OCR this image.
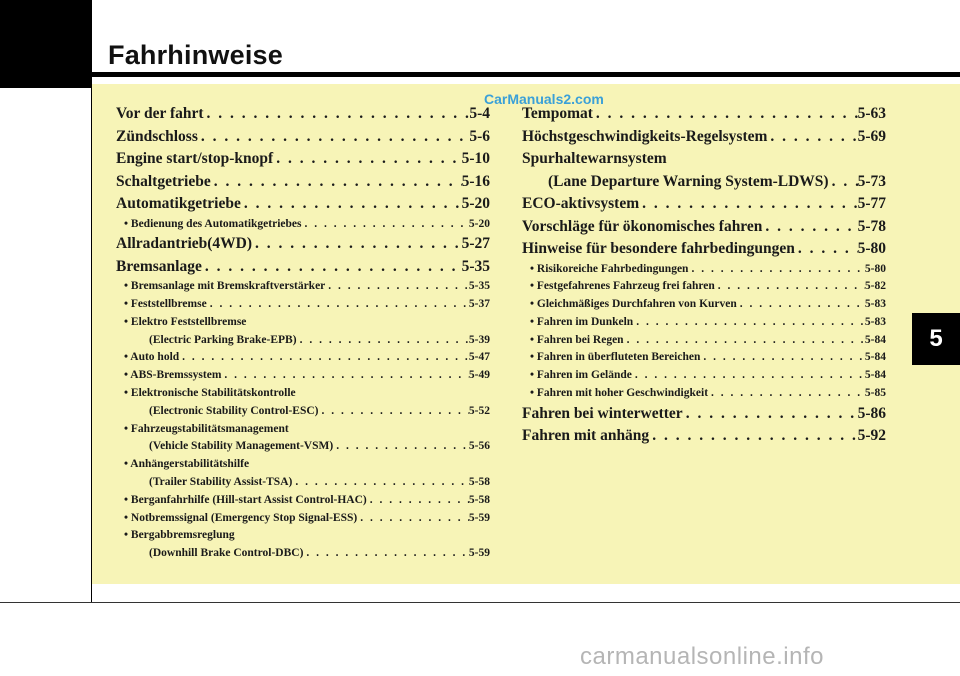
Fahrhinweise
5
Vor der fahrt . . .	5-4
Zündschloss . . .	5-6
Engine start/stop-knopf . . .	5-10
Schaltgetriebe . . .	5-16
Automatikgetriebe . . .	5-20
• Bedienung des Automatikgetriebes . . .	5-20
Allradantrieb(4WD) . . .	5-27
Bremsanlage . . .	5-35
• Bremsanlage mit Bremskraftverstärker . . .	5-35
• Feststellbremse . . .	5-37
• Elektro Feststellbremse
(Electric Parking Brake-EPB) . . .	5-39
• Auto hold . . .	5-47
• ABS-Bremssystem . . .	5-49
• Elektronische Stabilitätskontrolle
(Electronic Stability Control-ESC) . . .	5-52
• Fahrzeugstabilitätsmanagement
(Vehicle Stability Management-VSM) . . .	5-56
• Anhängerstabilitätshilfe
(Trailer Stability Assist-TSA) . . .	5-58
• Berganfahrhilfe (Hill-start Assist Control-HAC) . . .	5-58
• Notbremssignal (Emergency Stop Signal-ESS) . . .	5-59
• Bergabbremsreglung
(Downhill Brake Control-DBC) . . .	5-59
Tempomat . . .	5-63
Höchstgeschwindigkeits-Regelsystem . . .	5-69
Spurhaltewarnsystem
(Lane Departure Warning System-LDWS) . . . 5-73
ECO-aktivsystem . . .	5-77
Vorschläge für ökonomisches fahren . . .	5-78
Hinweise für besondere fahrbedingungen . . .	5-80
• Risikoreiche Fahrbedingungen . . .	5-80
• Festgefahrenes Fahrzeug frei fahren . . .	5-82
• Gleichmäßiges Durchfahren von Kurven . . .	5-83
• Fahren im Dunkeln . . .	5-83
• Fahren bei Regen . . .	5-84
• Fahren in überfluteten Bereichen . . .	5-84
• Fahren im Gelände . . .	5-84
• Fahren mit hoher Geschwindigkeit . . .	5-85
Fahren bei winterwetter . . .	5-86
Fahren mit anhäng . . .	5-92
CarManuals2.com
carmanualsonline.info
